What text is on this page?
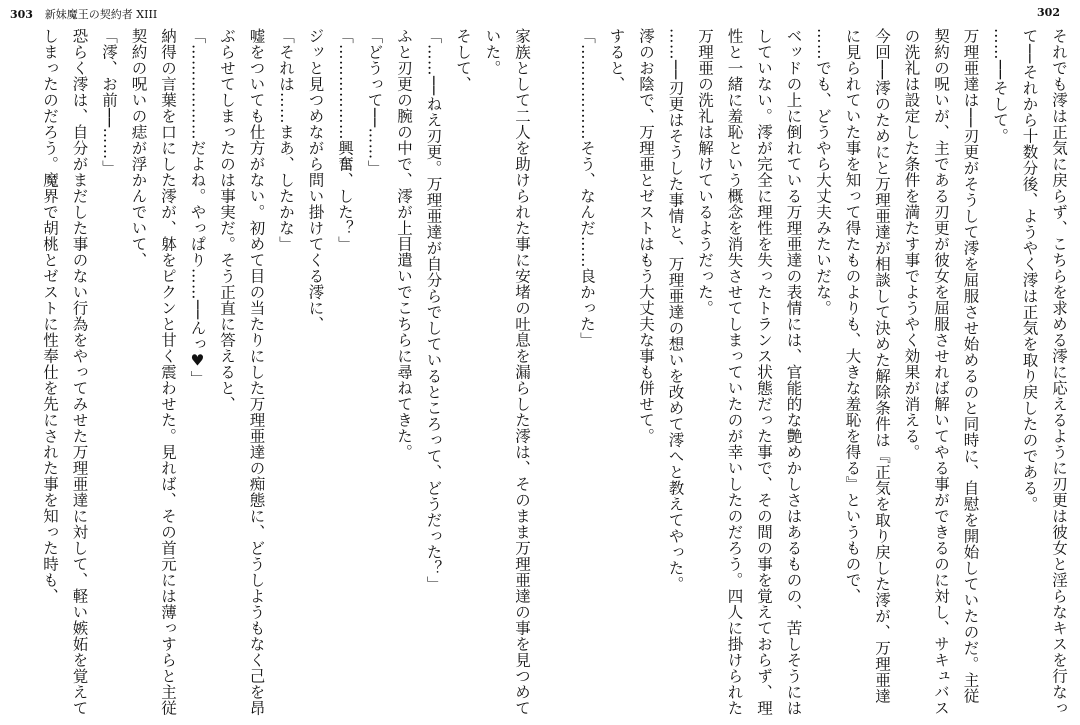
303 新妹魔王の契約者 XIII	302

それでも澪は正気に戻らず、こちらを求める澪に応えるように刃更は彼女と淫らなキスを行なって──それから十数分後、ようやく澪は正気を取り戻したのである。

……──そして。

万理亜達は──刃更がそうして澪を屈服させ始めるのと同時に、自慰を開始していたのだ。主従契約の呪いが、主である刃更が彼女を屈服させれば解いてやる事ができるのに対し、サキュバスの洗礼は設定した条件を満たす事でようやく効果が消える。

今回──澪のためにと万理亜達が相談して決めた解除条件は『正気を取り戻した澪が、万理亜達に見られていた事を知って得たものよりも、大きな羞恥を得る』というもので、

……でも、どうやら大丈夫みたいだな。

ベッドの上に倒れている万理亜達の表情には、官能的な艶めかしさはあるものの、苦しそうにはしていない。澪が完全に理性を失ったトランス状態だった事で、その間の事を覚えておらず、理性と一緒に羞恥という概念を消失させてしまっていたのが幸いしたのだろう。四人に掛けられた万理亜の洗礼は解けているようだった。

……──刃更はそうした事情と、万理亜達の想いを改めて澪へと教えてやった。

澪のお陰で、万理亜とゼストはもう大丈夫な事も併せて。

すると、

「………………そう、なんだ……良かった」

家族として二人を助けられた事に安堵の吐息を漏らした澪は、そのまま万理亜達の事を見つめていた。

そして、

「……──ねえ刃更。万理亜達が自分らでしているところって、どうだった？」

ふと刃更の腕の中で、澪が上目遣いでこちらに尋ねてきた。

「どうって──……」

「………………興奮、した？」

ジッと見つめながら問い掛けてくる澪に、

「それは……まあ、したかな」

嘘をついても仕方がない。初めて目の当たりにした万理亜達の痴態に、どうしようもなく己を昂ぶらせてしまったのは事実だ。そう正直に答えると、

「………………だよね。やっぱり……──んっ♥」

納得の言葉を口にした澪が、躰をピクンと甘く震わせた。見れば、その首元には薄っすらと主従契約の呪いの痣が浮かんでいて、

「澪、お前──……」

恐らく澪は、自分がまだした事のない行為をやってみせた万理亜達に対して、軽い嫉妬を覚えてしまったのだろう。魔界で胡桃とゼストに性奉仕を先にされた事を知った時も、
